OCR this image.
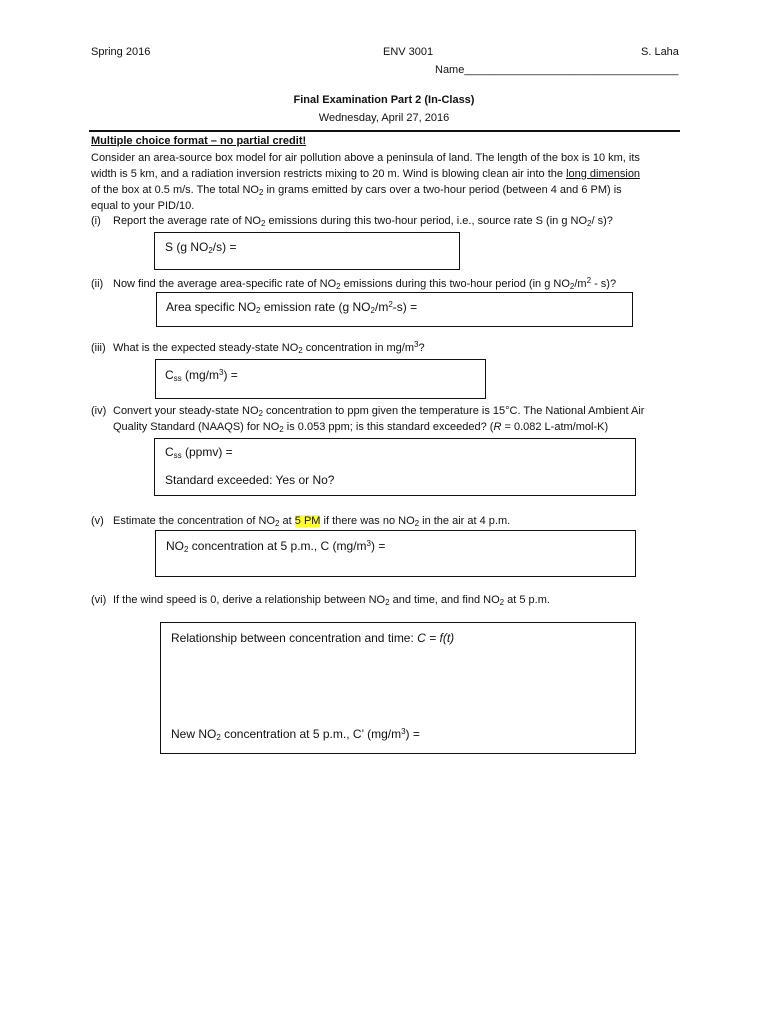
Spring 2016	ENV 3001	S. Laha
Name___________________________________
Final Examination Part 2 (In-Class)
Wednesday, April 27, 2016
Multiple choice format – no partial credit!
Consider an area-source box model for air pollution above a peninsula of land. The length of the box is 10 km, its
width is 5 km, and a radiation inversion restricts mixing to 20 m. Wind is blowing clean air into the long dimension
of the box at 0.5 m/s. The total $NO_2$ in grams emitted by cars over a two-hour period (between 4 and 6 PM) is
equal to your PID/10.
(i) Report the average rate of $NO_2$ emissions during this two-hour period, i.e., source rate S (in g $NO_2/$ s)?
S (g $NO_2/s$) =
(ii) Now find the average area-specific rate of $NO_2$ emissions during this two-hour period (in g $NO_2/m^2 - s$)?
Area specific $NO_2$ emission rate (g $NO_2/m^2-s$) =
(iii) What is the expected steady-state $NO_2$ concentration in $mg/m^3$?
$C_{ss}$ $(mg/m^3)$ =
(iv) Convert your steady-state $NO_2$ concentration to ppm given the temperature is 15°C. The National Ambient Air
Quality Standard (NAAQS) for $NO_2$ is 0.053 ppm; is this standard exceeded? (R = 0.082 L-atm/mol-K)
$C_{ss}$ (ppmv) =
Standard exceeded: Yes or No?
(v) Estimate the concentration of $NO_2$ at 5 PM if there was no $NO_2$ in the air at 4 p.m.
$NO_2$ concentration at 5 p.m., C $(mg/m^3)$ =
(vi) If the wind speed is 0, derive a relationship between $NO_2$ and time, and find $NO_2$ at 5 p.m.
Relationship between concentration and time: C = f(t)
New $NO_2$ concentration at 5 p.m., C’ $(mg/m^3)$ =
